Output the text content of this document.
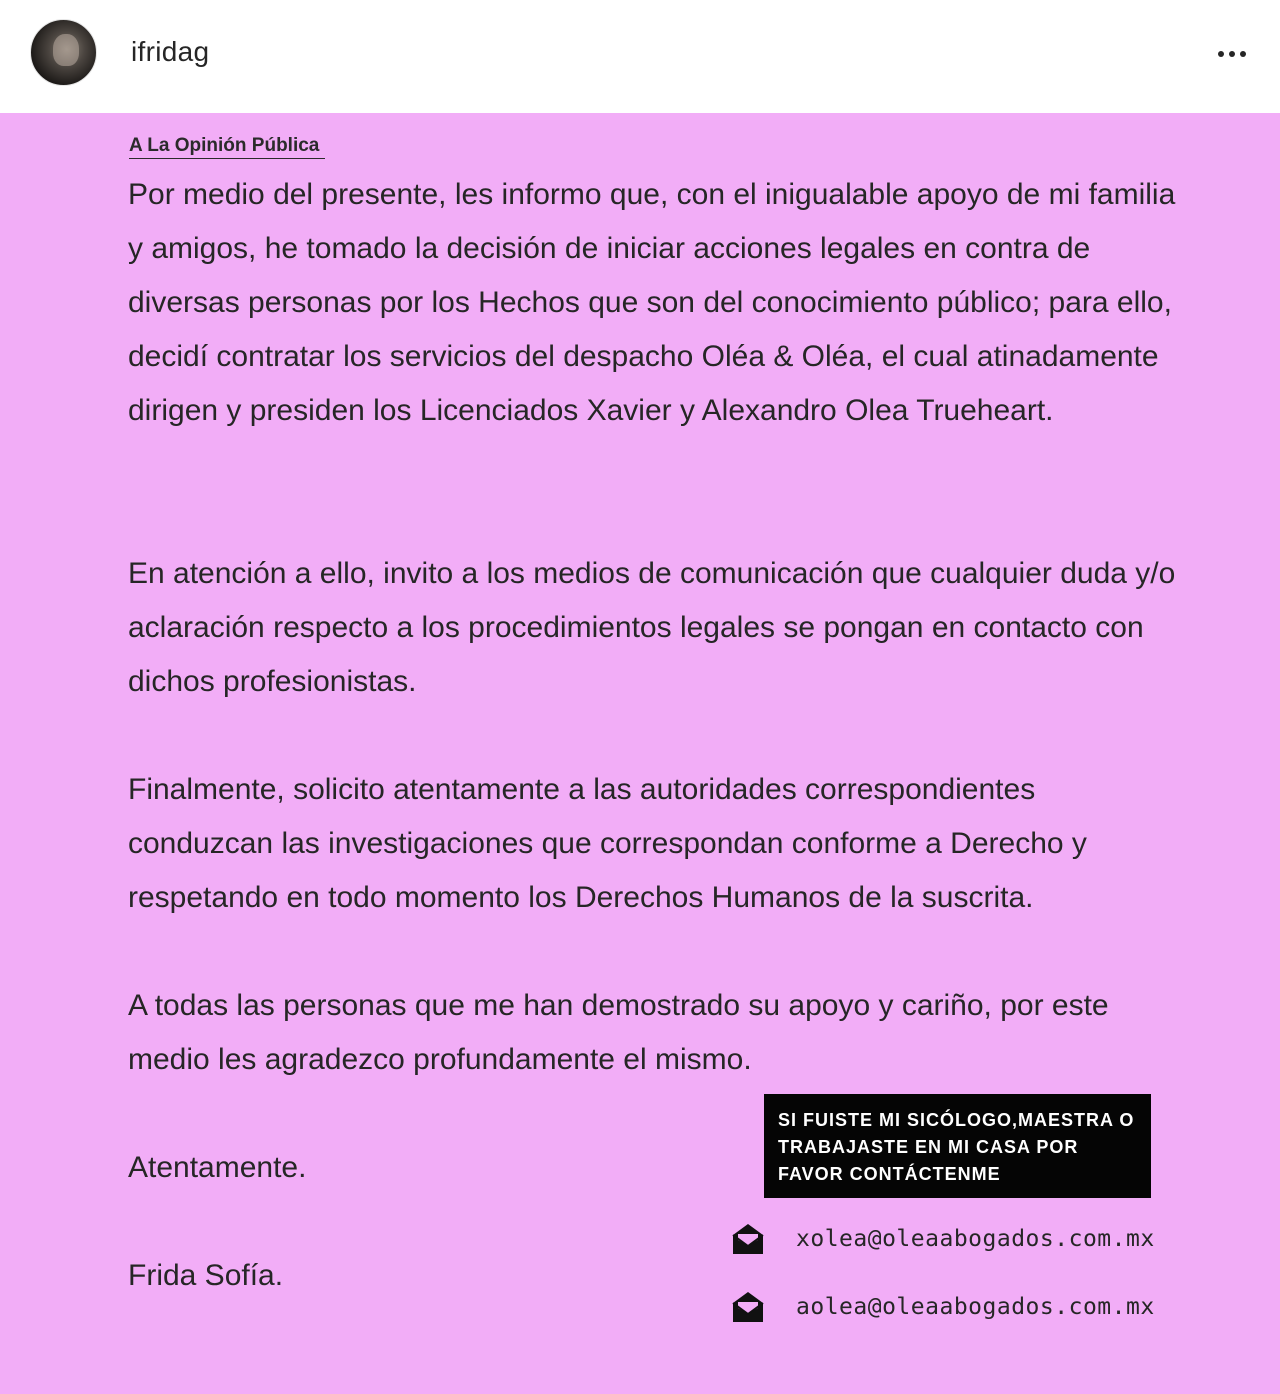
ifridag
A La Opinión Pública

Por medio del presente, les informo que, con el inigualable apoyo de mi familia y amigos, he tomado la decisión de iniciar acciones legales en contra de diversas personas por los Hechos que son del conocimiento público; para ello, decidí contratar los servicios del despacho Oléa & Oléa, el cual atinadamente dirigen y presiden los Licenciados Xavier y Alexandro Olea Trueheart.

En atención a ello, invito a los medios de comunicación que cualquier duda y/o aclaración respecto a los procedimientos legales se pongan en contacto con dichos profesionistas.

Finalmente, solicito atentamente a las autoridades correspondientes conduzcan las investigaciones que correspondan conforme a Derecho y respetando en todo momento los Derechos Humanos de la suscrita.

A todas las personas que me han demostrado su apoyo y cariño, por este medio les agradezco profundamente el mismo.

Atentamente.
Frida Sofía.
SI FUISTE MI SICÓLOGO,MAESTRA O TRABAJASTE EN MI CASA POR FAVOR CONTÁCTENME
xolea@oleaabogados.com.mx
aolea@oleaabogados.com.mx
